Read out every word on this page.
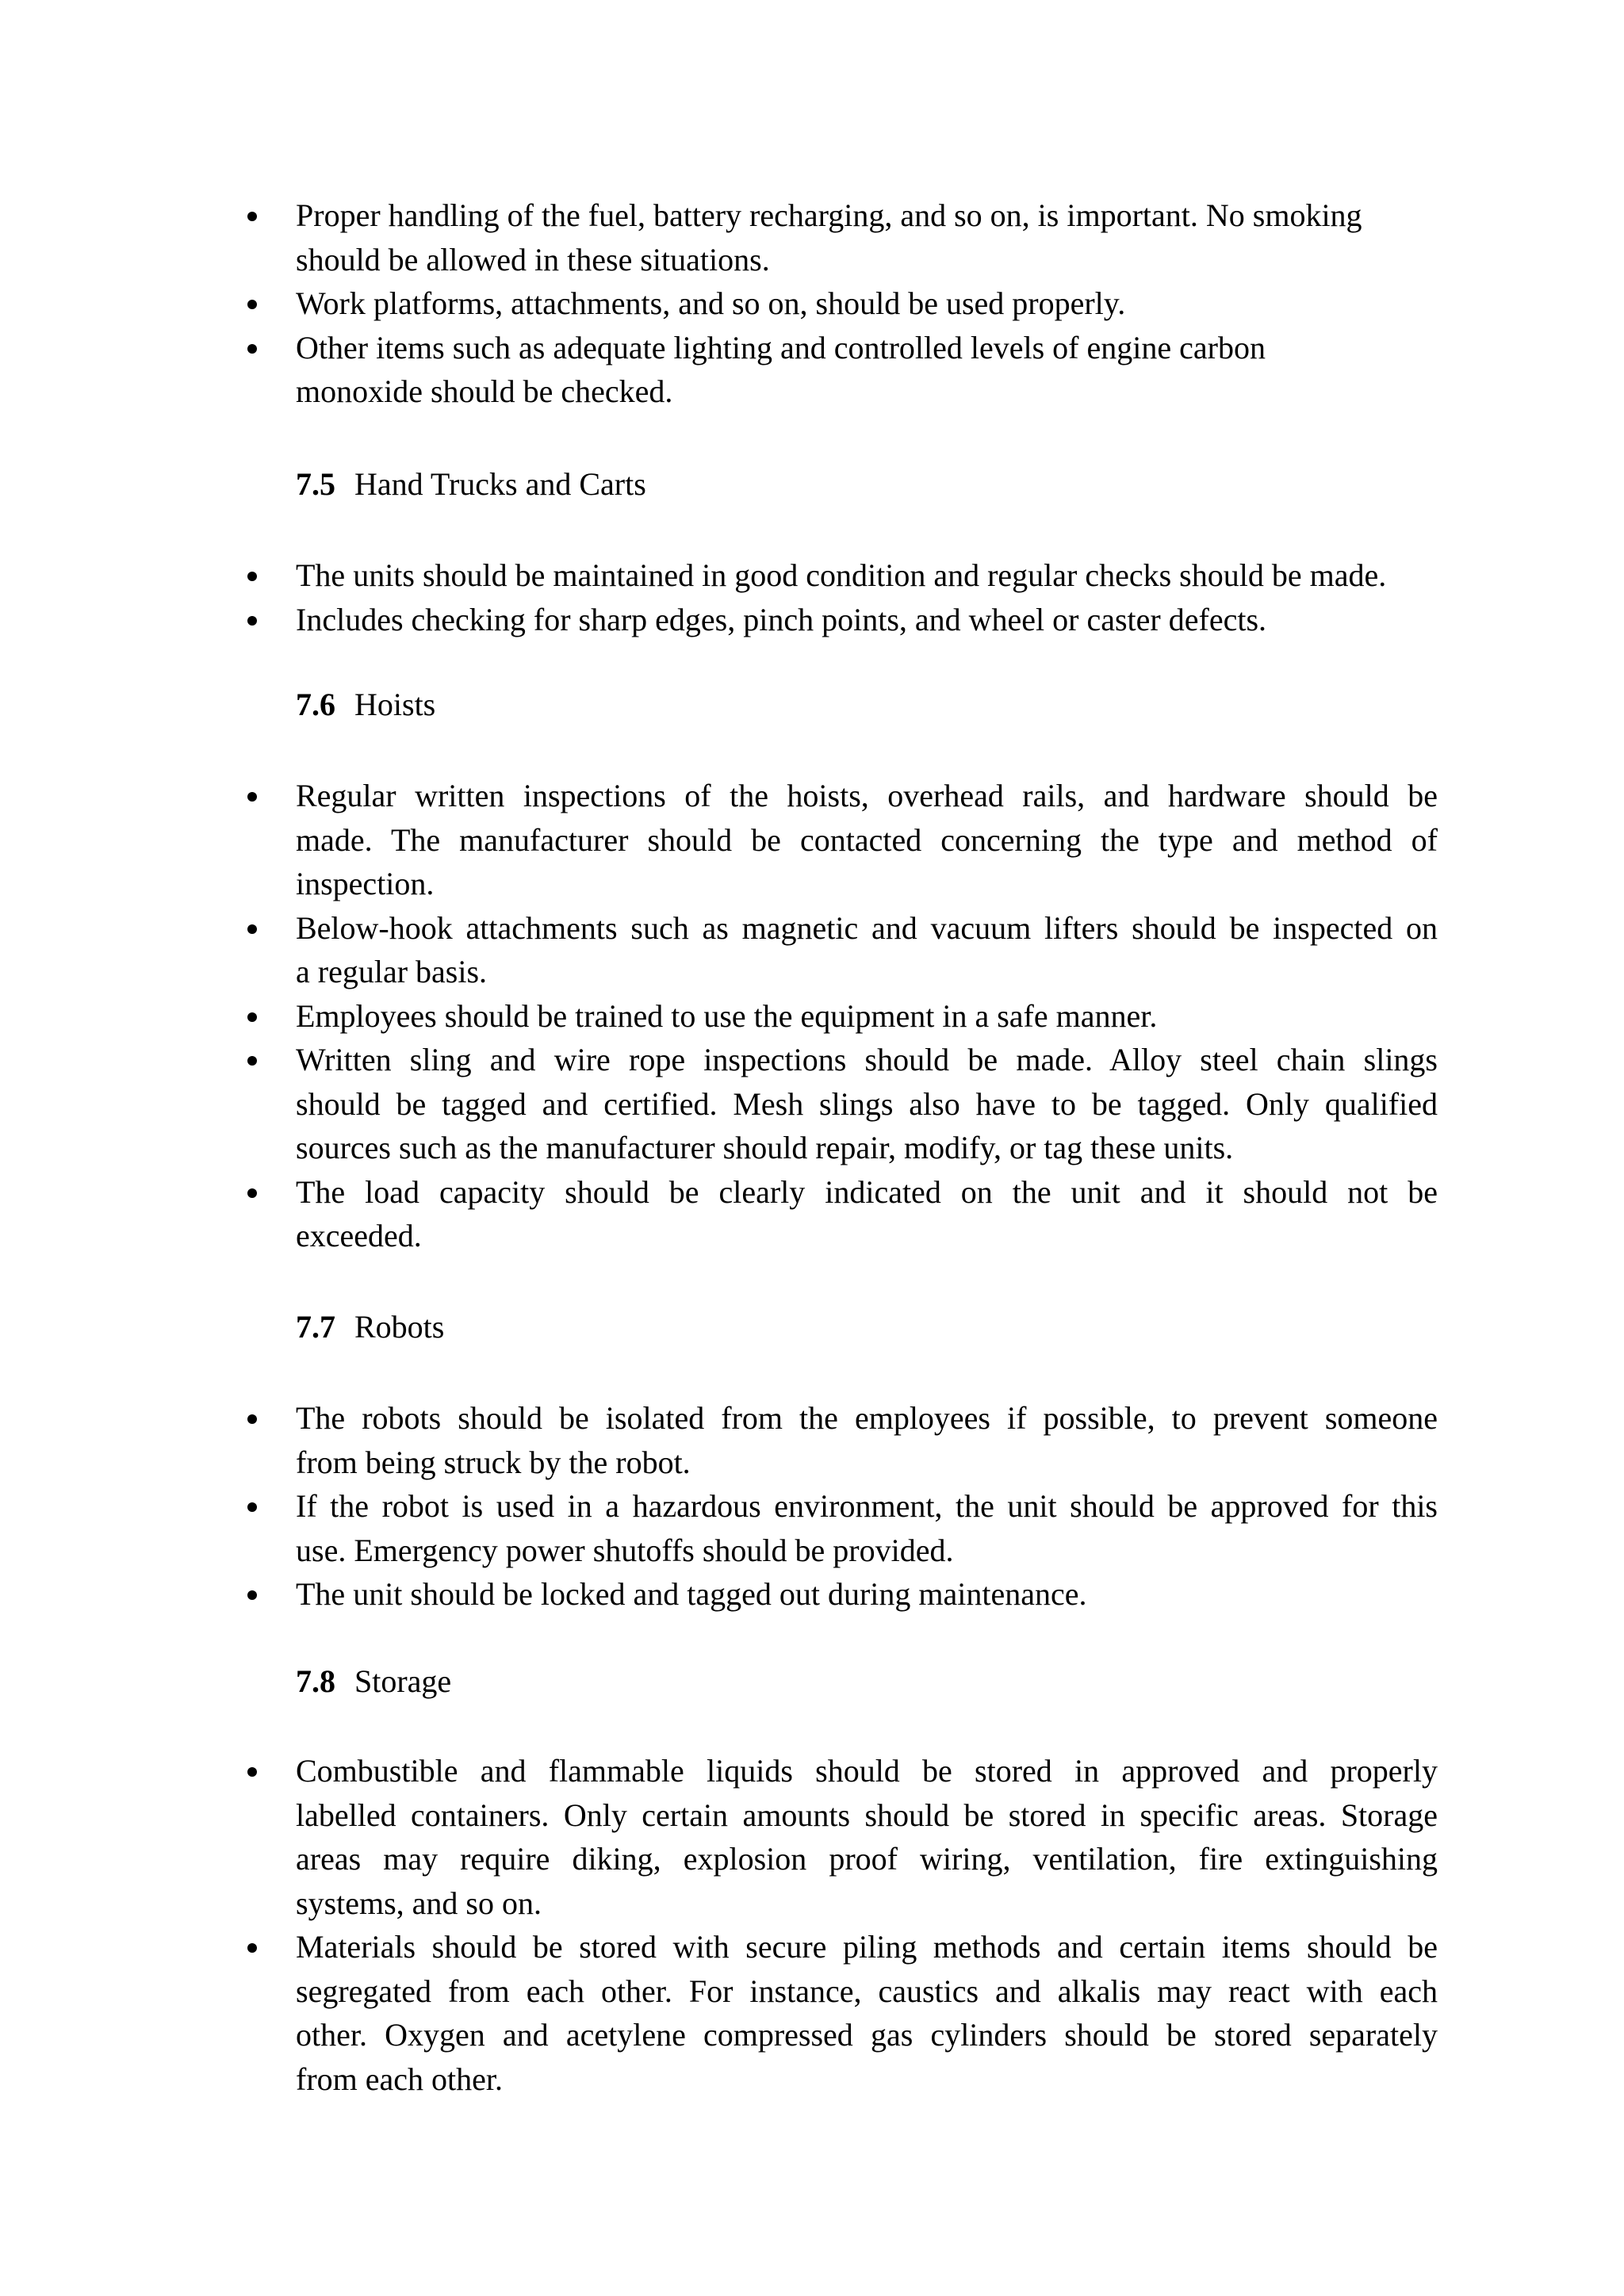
Proper handling of the fuel, battery recharging, and so on, is important. No smoking
should be allowed in these situations.
Work platforms, attachments, and so on, should be used properly.
Other items such as adequate lighting and controlled levels of engine carbon
monoxide should be checked.
7.5 Hand Trucks and Carts
The units should be maintained in good condition and regular checks should be made.
Includes checking for sharp edges, pinch points, and wheel or caster defects.
7.6 Hoists
Regular written inspections of the hoists, overhead rails, and hardware should be
made. The manufacturer should be contacted concerning the type and method of
inspection.
Below-hook attachments such as magnetic and vacuum lifters should be inspected on
a regular basis.
Employees should be trained to use the equipment in a safe manner.
Written sling and wire rope inspections should be made. Alloy steel chain slings
should be tagged and certified. Mesh slings also have to be tagged. Only qualified
sources such as the manufacturer should repair, modify, or tag these units.
The load capacity should be clearly indicated on the unit and it should not be
exceeded.
7.7 Robots
The robots should be isolated from the employees if possible, to prevent someone
from being struck by the robot.
If the robot is used in a hazardous environment, the unit should be approved for this
use. Emergency power shutoffs should be provided.
The unit should be locked and tagged out during maintenance.
7.8 Storage
Combustible and flammable liquids should be stored in approved and properly
labelled containers. Only certain amounts should be stored in specific areas. Storage
areas may require diking, explosion proof wiring, ventilation, fire extinguishing
systems, and so on.
Materials should be stored with secure piling methods and certain items should be
segregated from each other. For instance, caustics and alkalis may react with each
other. Oxygen and acetylene compressed gas cylinders should be stored separately
from each other.
